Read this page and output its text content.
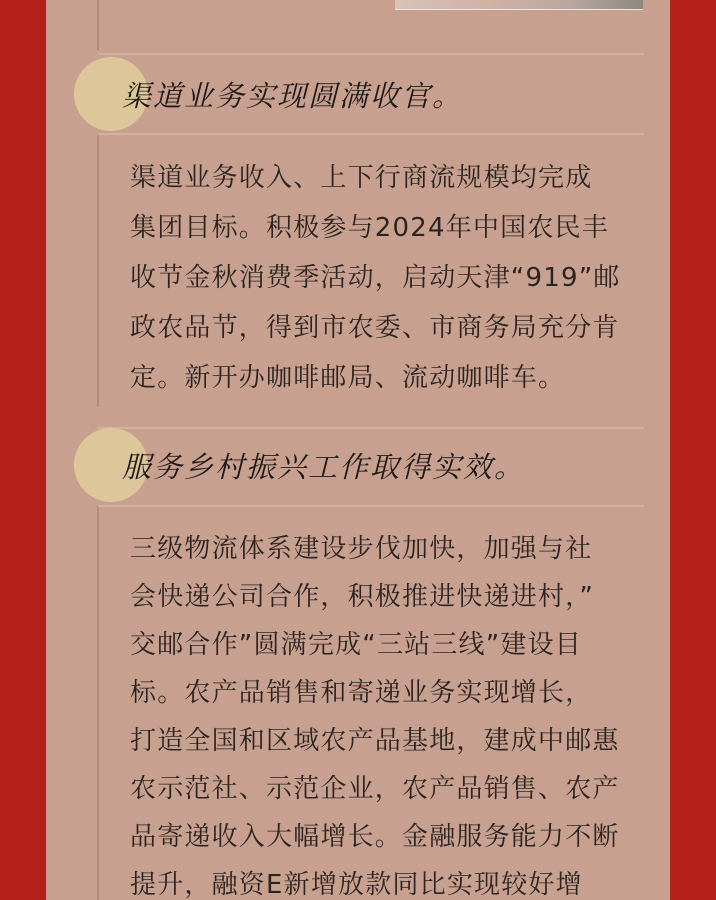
渠道业务实现圆满收官。
渠道业务收入、上下行商流规模均完成
集团目标。积极参与2024年中国农民丰
收节金秋消费季活动，启动天津“919”邮
政农品节，得到市农委、市商务局充分肯
定。新开办咖啡邮局、流动咖啡车。
服务乡村振兴工作取得实效。
三级物流体系建设步伐加快，加强与社
会快递公司合作，积极推进快递进村，”
交邮合作”圆满完成“三站三线”建设目
标。农产品销售和寄递业务实现增长，
打造全国和区域农产品基地，建成中邮惠
农示范社、示范企业，农产品销售、农产
品寄递收入大幅增长。金融服务能力不断
提升，融资E新增放款同比实现较好增
